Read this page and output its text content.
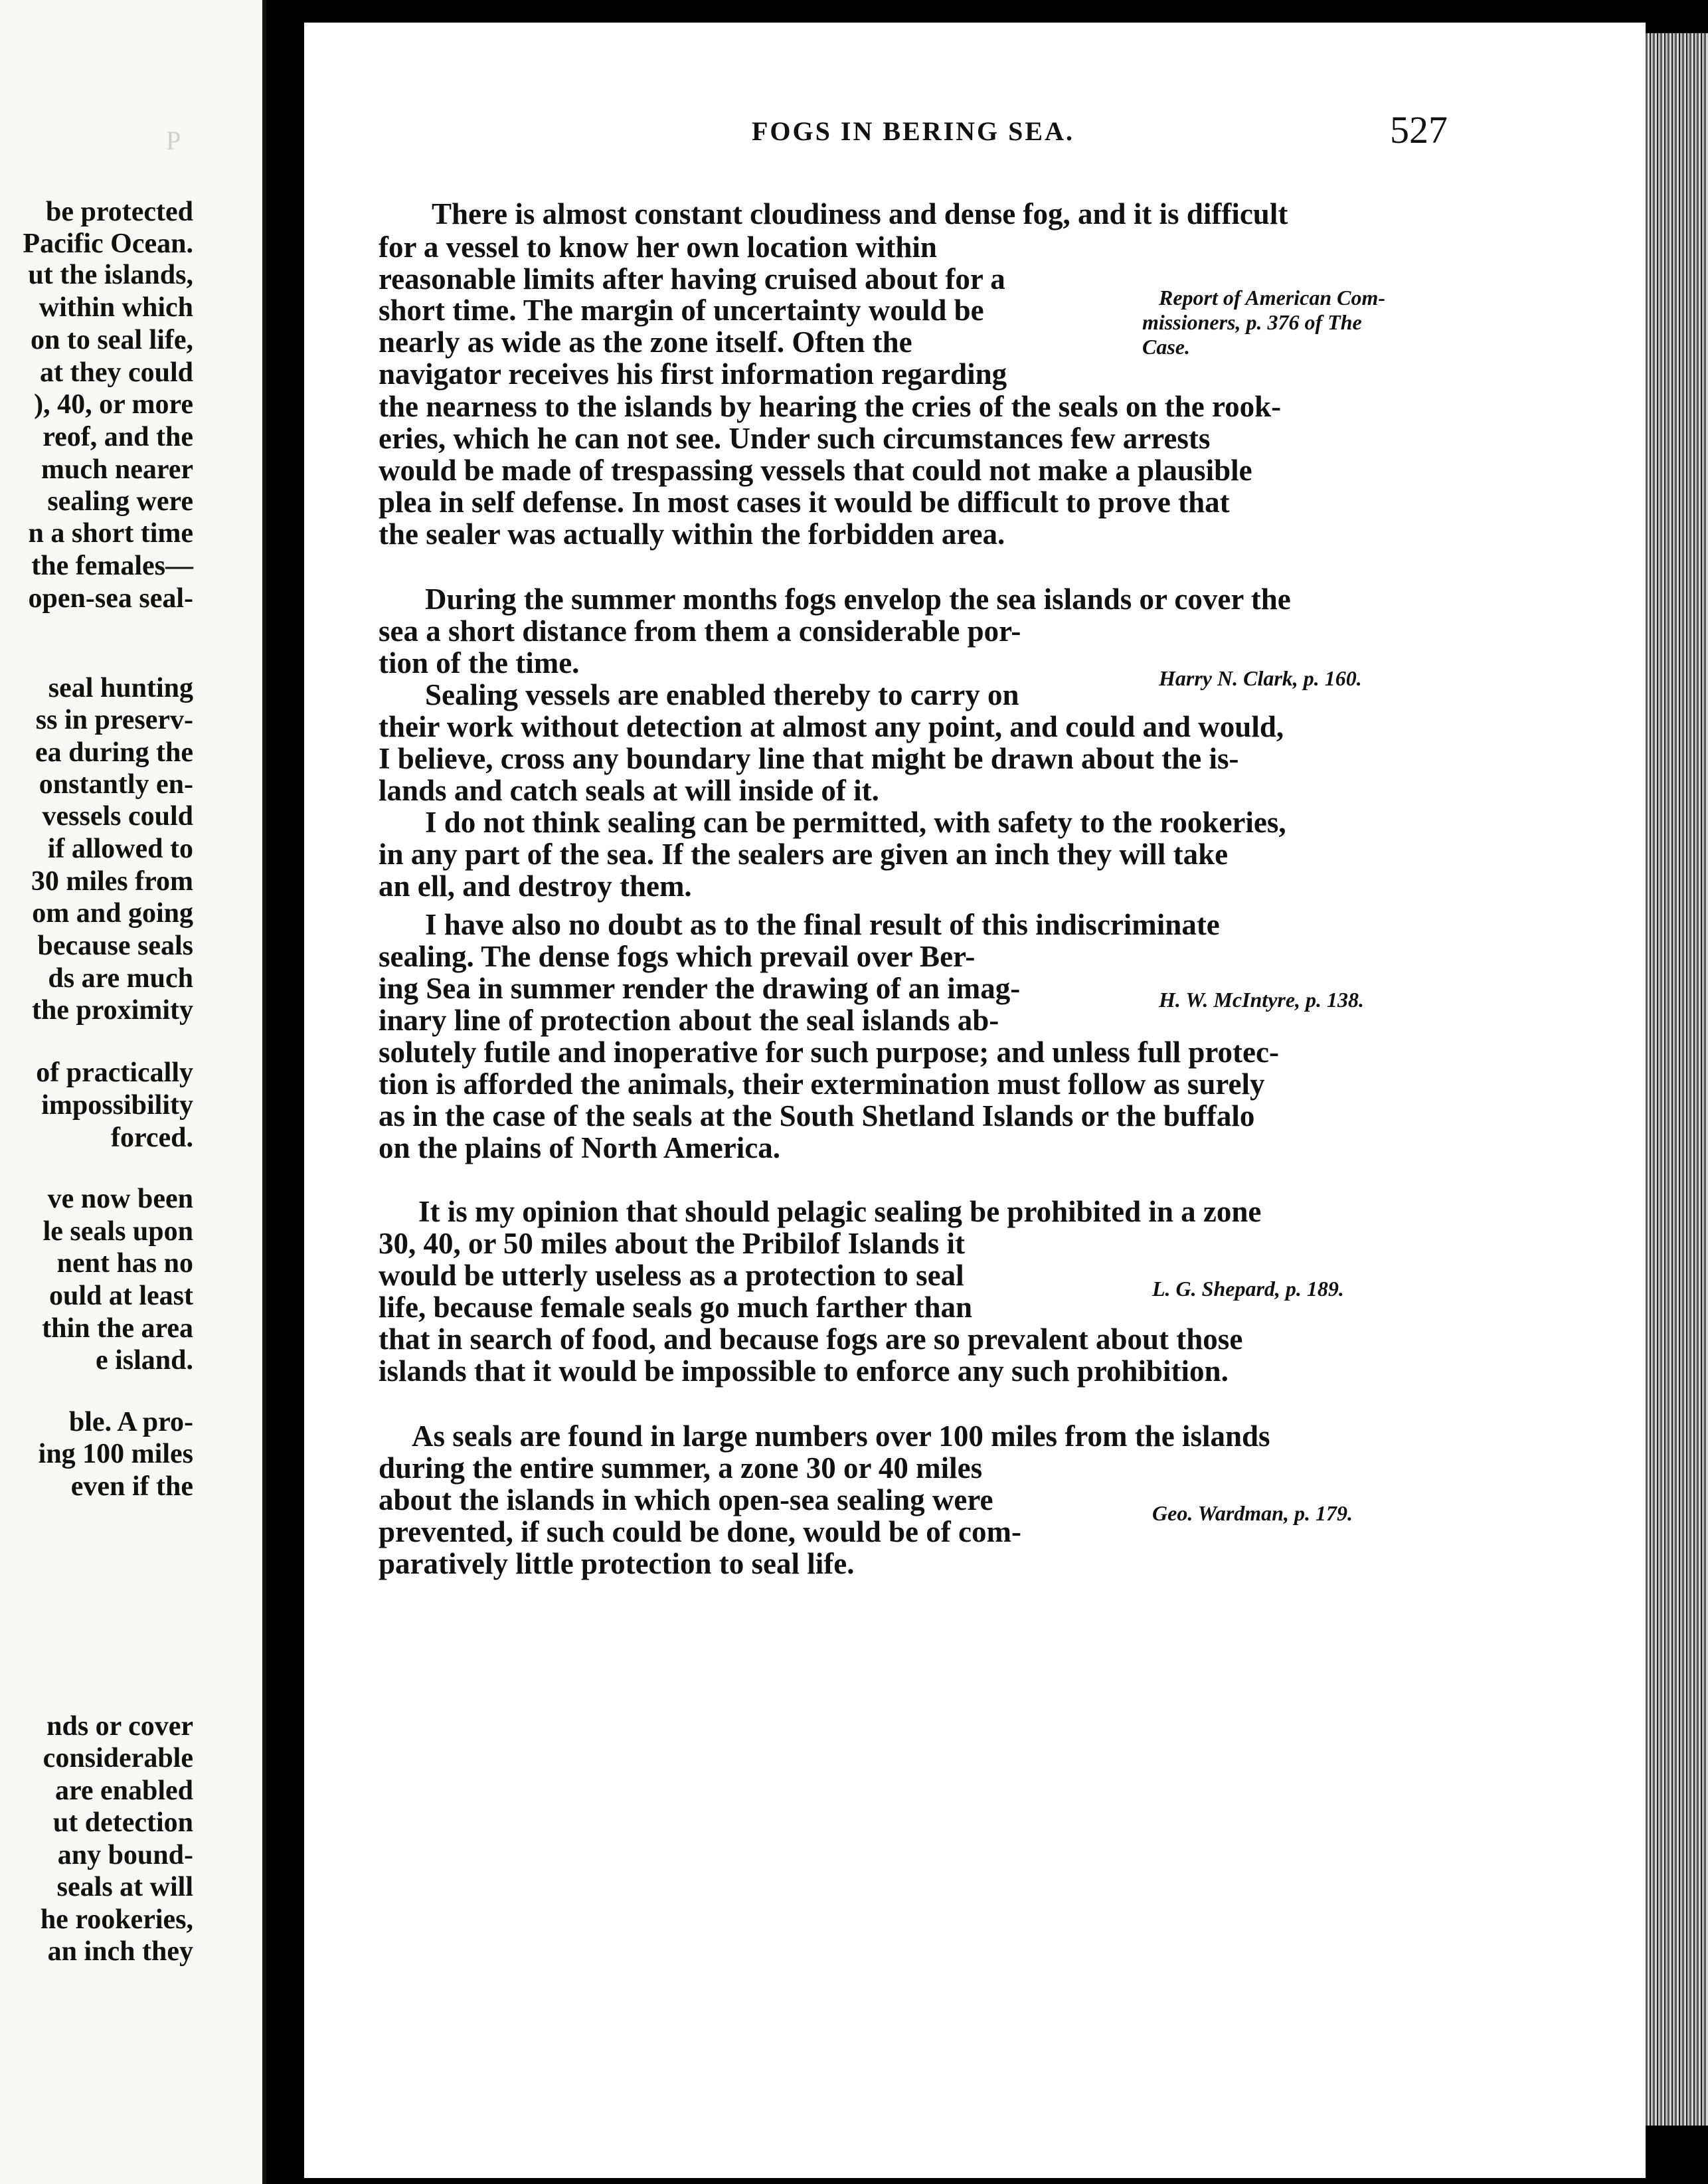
P
be protected
Pacific Ocean.
ut the islands,
within which
on to seal life,
at they could
), 40, or more
reof, and the
much nearer
sealing were
n a short time
the females—
open-sea seal-
seal hunting
ss in preserv-
ea during the
onstantly en-
vessels could
if allowed to
30 miles from
om and going
because seals
ds are much
the proximity
of practically
impossibility
forced.
ve now been
le seals upon
nent has no
ould at least
thin the area
e island.
ble. A pro-
ing 100 miles
even if the
nds or cover
considerable
are enabled
ut detection
any bound-
seals at will
he rookeries,
an inch they
FOGS IN BERING SEA.	527
There is almost constant cloudiness and dense fog, and it is difficult
for a vessel to know her own location within
reasonable limits after having cruised about for a
short time. The margin of uncertainty would be
nearly as wide as the zone itself. Often the
navigator receives his first information regarding
the nearness to the islands by hearing the cries of the seals on the rook-
eries, which he can not see. Under such circumstances few arrests
would be made of trespassing vessels that could not make a plausible
plea in self defense. In most cases it would be difficult to prove that
the sealer was actually within the forbidden area.
Report of American Com-
missioners, p. 376 of The
Case.
During the summer months fogs envelop the sea islands or cover the
sea a short distance from them a considerable por-
tion of the time.
Sealing vessels are enabled thereby to carry on
their work without detection at almost any point, and could and would,
I believe, cross any boundary line that might be drawn about the is-
lands and catch seals at will inside of it.
I do not think sealing can be permitted, with safety to the rookeries,
in any part of the sea. If the sealers are given an inch they will take
an ell, and destroy them.
Harry N. Clark, p. 160.
I have also no doubt as to the final result of this indiscriminate
sealing. The dense fogs which prevail over Ber-
ing Sea in summer render the drawing of an imag-
inary line of protection about the seal islands ab-
solutely futile and inoperative for such purpose; and unless full protec-
tion is afforded the animals, their extermination must follow as surely
as in the case of the seals at the South Shetland Islands or the buffalo
on the plains of North America.
H. W. McIntyre, p. 138.
It is my opinion that should pelagic sealing be prohibited in a zone
30, 40, or 50 miles about the Pribilof Islands it
would be utterly useless as a protection to seal
life, because female seals go much farther than
that in search of food, and because fogs are so prevalent about those
islands that it would be impossible to enforce any such prohibition.
L. G. Shepard, p. 189.
As seals are found in large numbers over 100 miles from the islands
during the entire summer, a zone 30 or 40 miles
about the islands in which open-sea sealing were
prevented, if such could be done, would be of com-
paratively little protection to seal life.
Geo. Wardman, p. 179.
